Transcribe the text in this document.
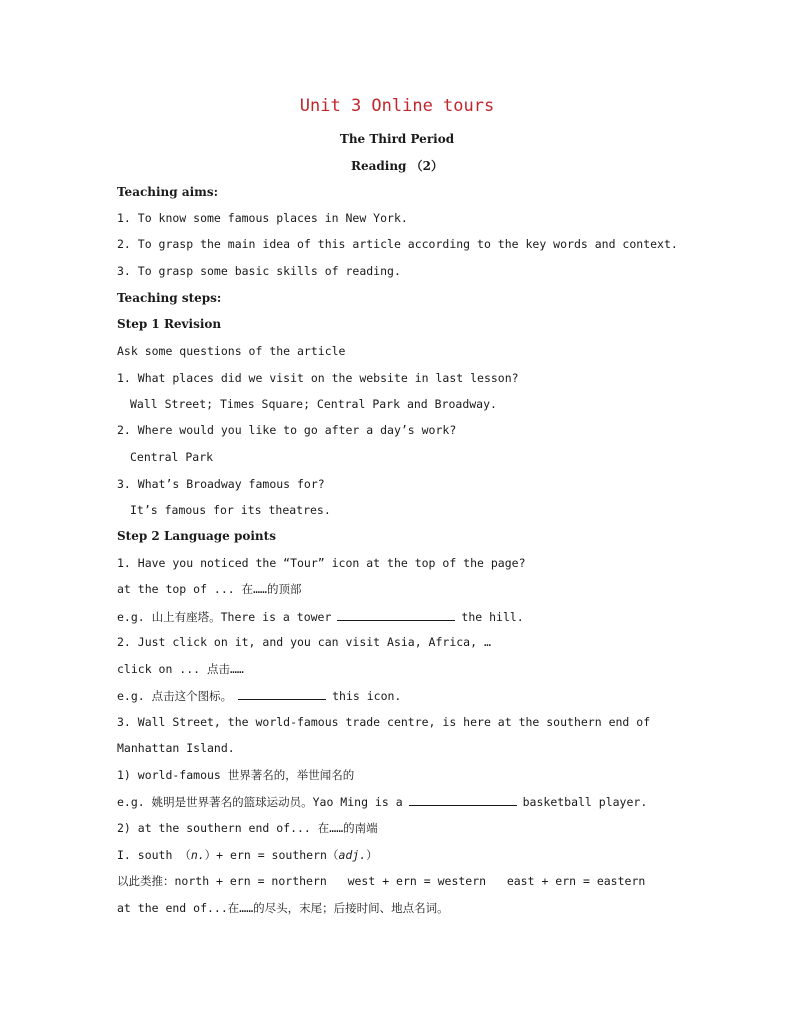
Unit 3 Online tours
The Third Period
Reading （2）
Teaching aims:
1. To know some famous places in New York.
2. To grasp the main idea of this article according to the key words and context.
3. To grasp some basic skills of reading.
Teaching steps:
Step 1 Revision
Ask some questions of the article
1. What places did we visit on the website in last lesson?
Wall Street; Times Square; Central Park and Broadway.
2. Where would you like to go after a day’s work?
Central Park
3. What’s Broadway famous for?
It’s famous for its theatres.
Step 2 Language points
1. Have you noticed the “Tour” icon at the top of the page?
at the top of ... 在……的顶部
e.g. 山上有座塔。There is a tower	the hill.
2. Just click on it, and you can visit Asia, Africa, …
click on ... 点击……
e.g. 点击这个图标。	this icon.
3. Wall Street, the world-famous trade centre, is here at the southern end of
Manhattan Island.
1) world-famous 世界著名的，举世闻名的
e.g. 姚明是世界著名的篮球运动员。Yao Ming is a	basketball player.
2) at the southern end of... 在……的南端
I. south （n.）+ ern = southern（adj.）
以此类推：north + ern = northern   west + ern = western   east + ern = eastern
at the end of...在……的尽头，末尾；后接时间、地点名词。
